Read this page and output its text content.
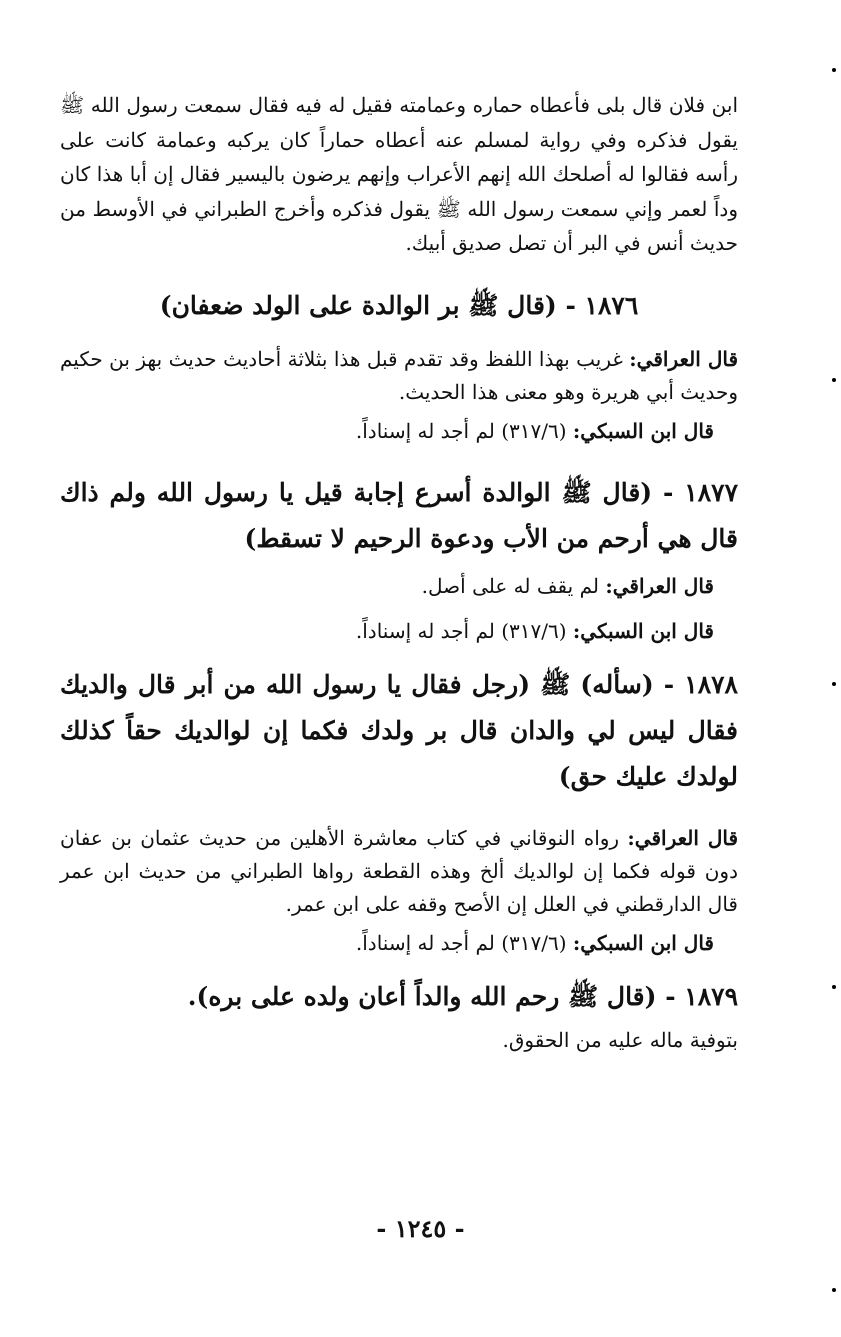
ابن فلان قال بلى فأعطاه حماره وعمامته فقيل له فيه فقال سمعت رسول الله ﷺ يقول فذكره وفي رواية لمسلم عنه أعطاه حماراً كان يركبه وعمامة كانت على رأسه فقالوا له أصلحك الله إنهم الأعراب وإنهم يرضون باليسير فقال إن أبا هذا كان وداً لعمر وإني سمعت رسول الله ﷺ يقول فذكره وأخرج الطبراني في الأوسط من حديث أنس في البر أن تصل صديق أبيك.

١٨٧٦ - (قال ﷺ بر الوالدة على الولد ضعفان)

قال العراقي: غريب بهذا اللفظ وقد تقدم قبل هذا بثلاثة أحاديث حديث بهز بن حكيم وحديث أبي هريرة وهو معنى هذا الحديث.

قال ابن السبكي: (٣١٧/٦) لم أجد له إسناداً.

١٨٧٧ - (قال ﷺ الوالدة أسرع إجابة قيل يا رسول الله ولم ذاك قال هي أرحم من الأب ودعوة الرحيم لا تسقط)

قال العراقي: لم يقف له على أصل.

قال ابن السبكي: (٣١٧/٦) لم أجد له إسناداً.

١٨٧٨ - (سأله) ﷺ (رجل فقال يا رسول الله من أبر قال والديك فقال ليس لي والدان قال بر ولدك فكما إن لوالديك حقاً كذلك لولدك عليك حق)

قال العراقي: رواه النوقاني في كتاب معاشرة الأهلين من حديث عثمان بن عفان دون قوله فكما إن لوالديك ألخ وهذه القطعة رواها الطبراني من حديث ابن عمر قال الدارقطني في العلل إن الأصح وقفه على ابن عمر.

قال ابن السبكي: (٣١٧/٦) لم أجد له إسناداً.

١٨٧٩ - (قال ﷺ رحم الله والداً أعان ولده على بره).

بتوفية ماله عليه من الحقوق.

- ١٢٤٥ -
